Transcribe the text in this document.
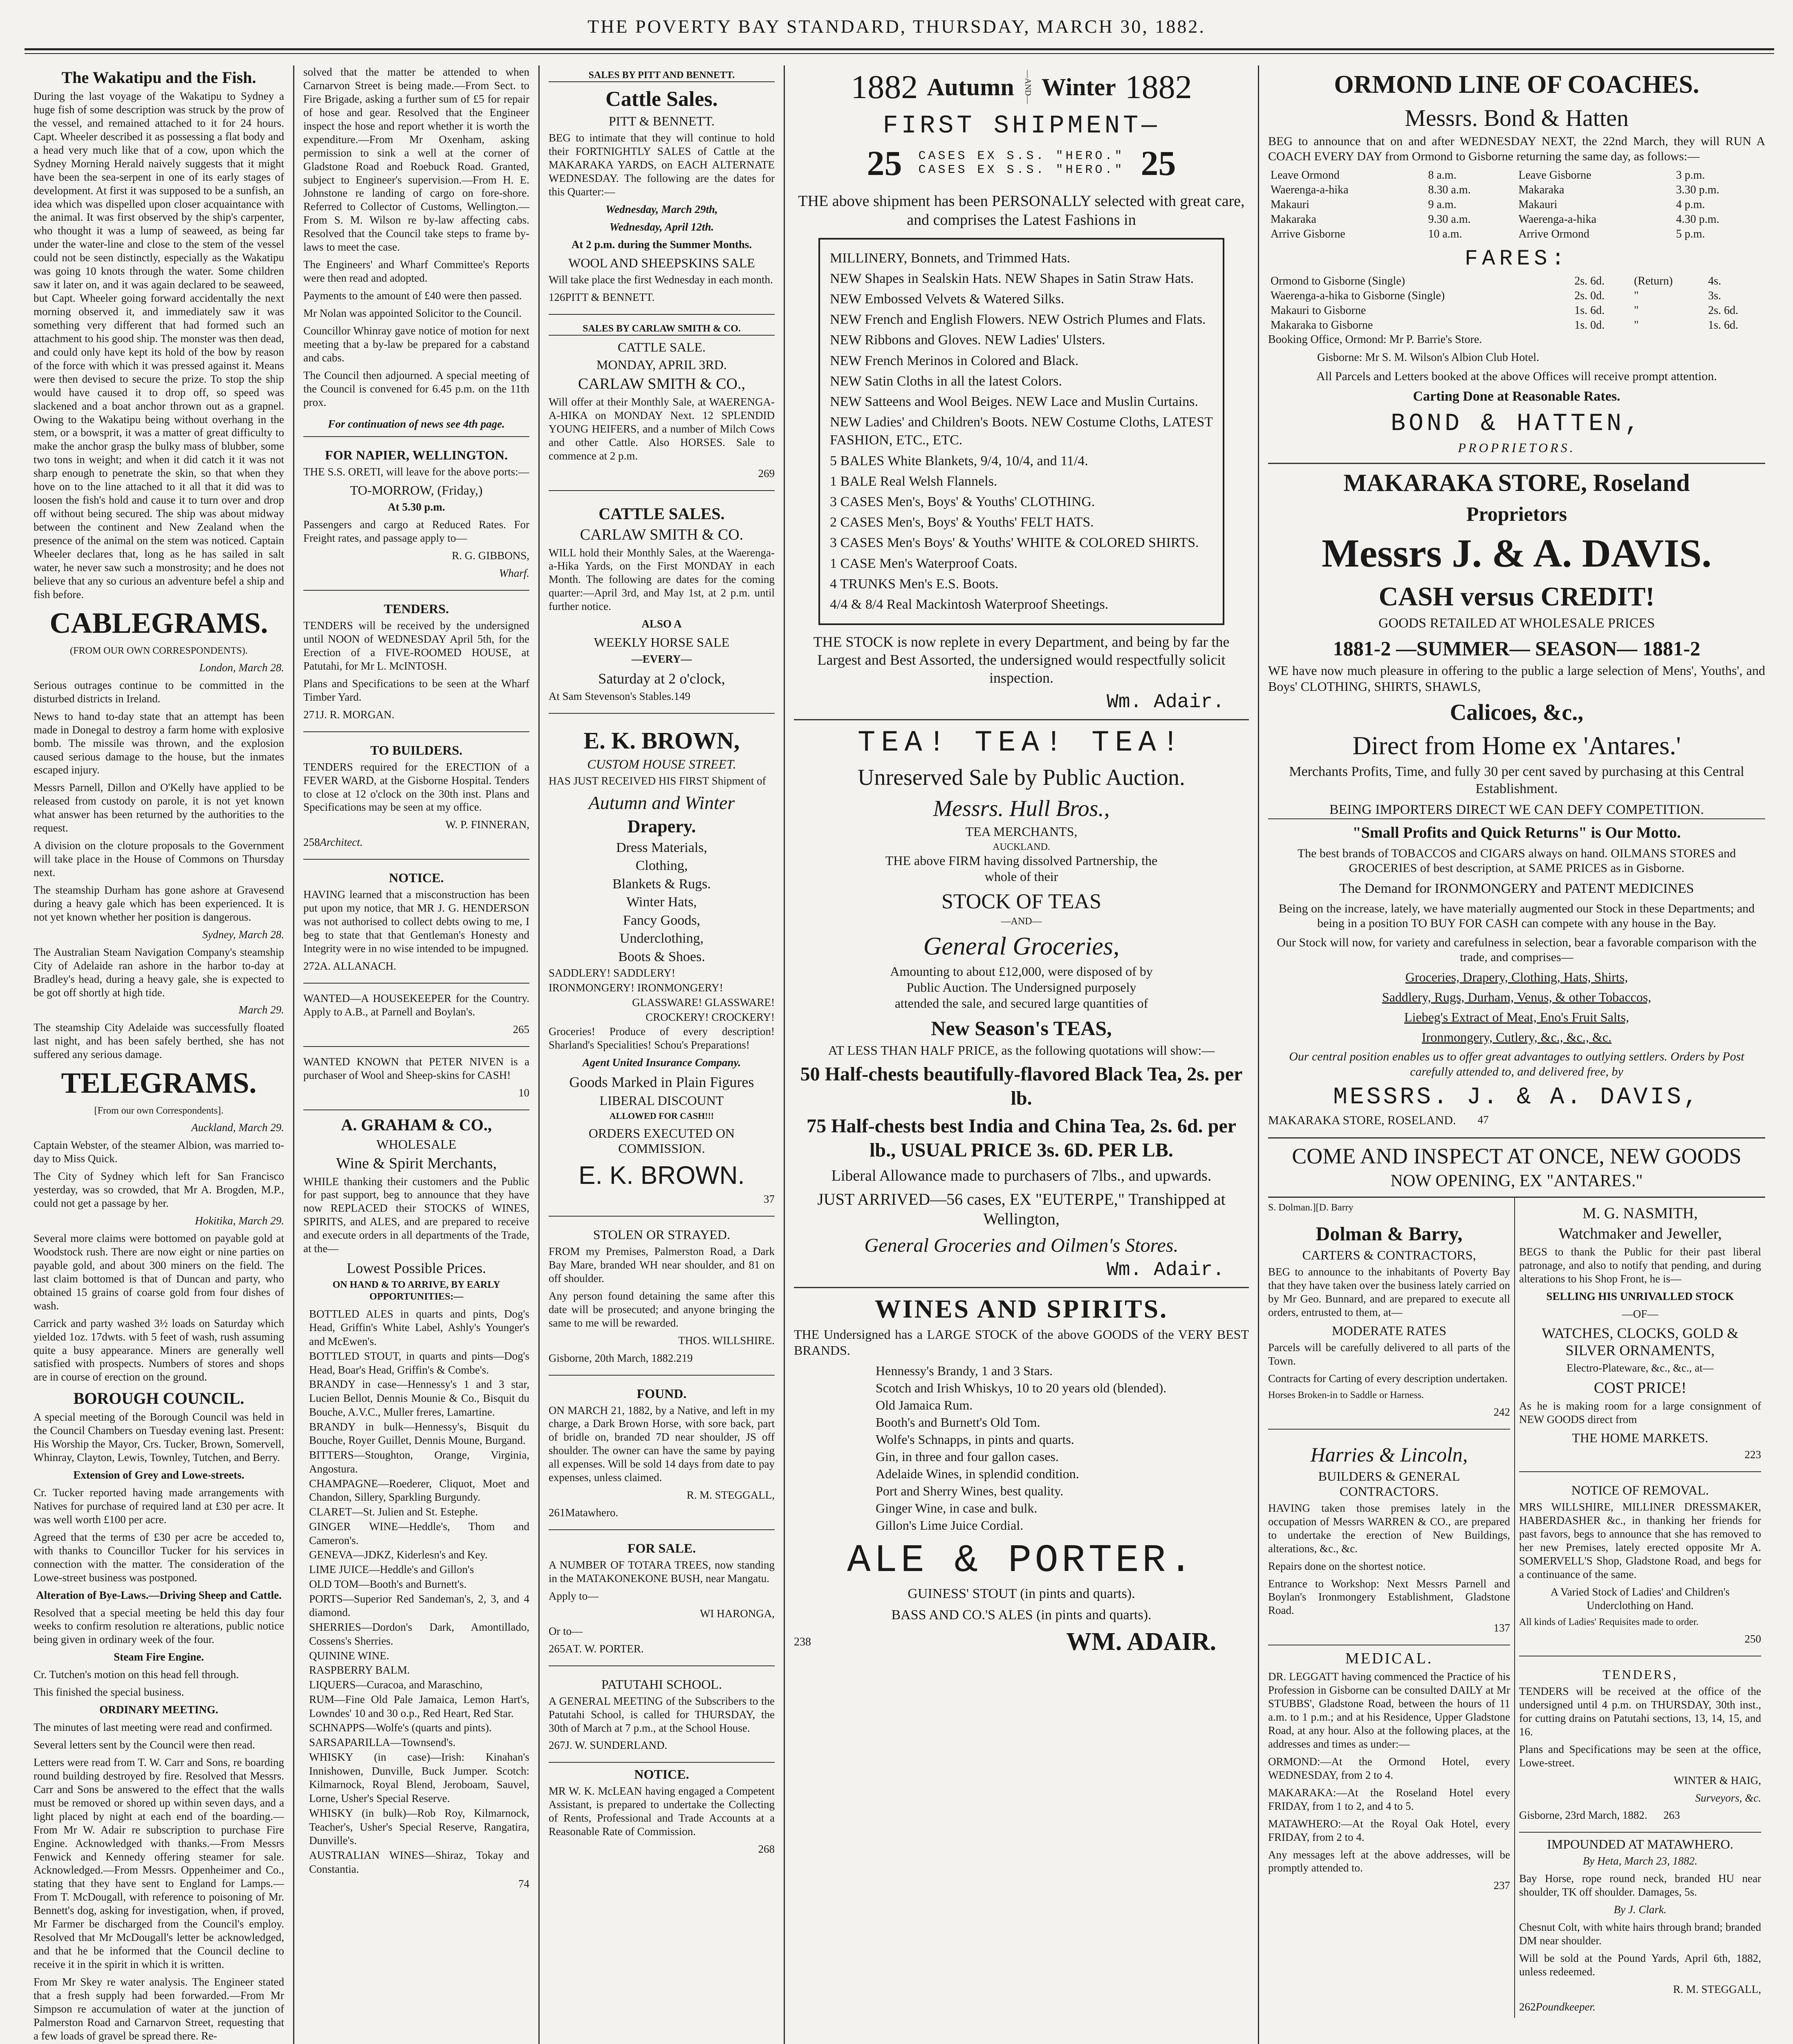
THE POVERTY BAY STANDARD, THURSDAY, MARCH 30, 1882.
The Wakatipu and the Fish.

During the last voyage of the Wakatipu to Sydney a huge fish of some description was struck by the prow of the vessel, and remained attached to it for 24 hours. Capt. Wheeler described it as possessing a flat body and a head very much like that of a cow, upon which the Sydney Morning Herald naively suggests that it might have been the sea-serpent in one of its early stages of development. At first it was supposed to be a sunfish, an idea which was dispelled upon closer acquaintance with the animal. It was first observed by the ship's carpenter, who thought it was a lump of seaweed, as being far under the water-line and close to the stem of the vessel could not be seen distinctly, especially as the Wakatipu was going 10 knots through the water. Some children saw it later on, and it was again declared to be seaweed, but Capt. Wheeler going forward accidentally the next morning observed it, and immediately saw it was something very different that had formed such an attachment to his good ship. The monster was then dead, and could only have kept its hold of the bow by reason of the force with which it was pressed against it. Means were then devised to secure the prize. To stop the ship would have caused it to drop off, so speed was slackened and a boat anchor thrown out as a grapnel. Owing to the Wakatipu being without overhang in the stem, or a bowsprit, it was a matter of great difficulty to make the anchor grasp the bulky mass of blubber, some two tons in weight; and when it did catch it it was not sharp enough to penetrate the skin, so that when they hove on to the line attached to it all that it did was to loosen the fish's hold and cause it to turn over and drop off without being secured. The ship was about midway between the continent and New Zealand when the presence of the animal on the stem was noticed. Captain Wheeler declares that, long as he has sailed in salt water, he never saw such a monstrosity; and he does not believe that any so curious an adventure befel a ship and fish before.

CABLEGRAMS.

(FROM OUR OWN CORRESPONDENTS).

London, March 28.

Serious outrages continue to be committed in the disturbed districts in Ireland.

News to hand to-day state that an attempt has been made in Donegal to destroy a farm home with explosive bomb. The missile was thrown, and the explosion caused serious damage to the house, but the inmates escaped injury.

Messrs Parnell, Dillon and O'Kelly have applied to be released from custody on parole, it is not yet known what answer has been returned by the authorities to the request.

A division on the cloture proposals to the Government will take place in the House of Commons on Thursday next.

The steamship Durham has gone ashore at Gravesend during a heavy gale which has been experienced. It is not yet known whether her position is dangerous.

Sydney, March 28.

The Australian Steam Navigation Company's steamship City of Adelaide ran ashore in the harbor to-day at Bradley's head, during a heavy gale, she is expected to be got off shortly at high tide.

March 29.

The steamship City Adelaide was successfully floated last night, and has been safely berthed, she has not suffered any serious damage.

TELEGRAMS.

[From our own Correspondents].

Auckland, March 29.

Captain Webster, of the steamer Albion, was married to-day to Miss Quick.

The City of Sydney which left for San Francisco yesterday, was so crowded, that Mr A. Brogden, M.P., could not get a passage by her.

Hokitika, March 29.

Several more claims were bottomed on payable gold at Woodstock rush. There are now eight or nine parties on payable gold, and about 300 miners on the field. The last claim bottomed is that of Duncan and party, who obtained 15 grains of coarse gold from four dishes of wash.

Carrick and party washed 3½ loads on Saturday which yielded 1oz. 17dwts. with 5 feet of wash, rush assuming quite a busy appearance. Miners are generally well satisfied with prospects. Numbers of stores and shops are in course of erection on the ground.

BOROUGH COUNCIL.

A special meeting of the Borough Council was held in the Council Chambers on Tuesday evening last. Present: His Worship the Mayor, Crs. Tucker, Brown, Somervell, Whinray, Clayton, Lewis, Townley, Tutchen, and Berry.

Extension of Grey and Lowe-streets.

Cr. Tucker reported having made arrangements with Natives for purchase of required land at £30 per acre. It was well worth £100 per acre.

Agreed that the terms of £30 per acre be acceded to, with thanks to Councillor Tucker for his services in connection with the matter. The consideration of the Lowe-street business was postponed.

Alteration of Bye-Laws.—Driving Sheep and Cattle.

Resolved that a special meeting be held this day four weeks to confirm resolution re alterations, public notice being given in ordinary week of the four.

Steam Fire Engine.

Cr. Tutchen's motion on this head fell through.

This finished the special business.

ORDINARY MEETING.

The minutes of last meeting were read and confirmed.

Several letters sent by the Council were then read.

Letters were read from T. W. Carr and Sons, re boarding round building destroyed by fire. Resolved that Messrs. Carr and Sons be answered to the effect that the walls must be removed or shored up within seven days, and a light placed by night at each end of the boarding.—From Mr W. Adair re subscription to purchase Fire Engine. Acknowledged with thanks.—From Messrs Fenwick and Kennedy offering steamer for sale. Acknowledged.—From Messrs. Oppenheimer and Co., stating that they have sent to England for Lamps.—From T. McDougall, with reference to poisoning of Mr. Bennett's dog, asking for investigation, when, if proved, Mr Farmer be discharged from the Council's employ. Resolved that Mr McDougall's letter be acknowledged, and that he be informed that the Council decline to receive it in the spirit in which it is written.

From Mr Skey re water analysis. The Engineer stated that a fresh supply had been forwarded.—From Mr Simpson re accumulation of water at the junction of Palmerston Road and Carnarvon Street, requesting that a few loads of gravel be spread there. Re-

solved that the matter be attended to when Carnarvon Street is being made.—From Sect. to Fire Brigade, asking a further sum of £5 for repair of hose and gear. Resolved that the Engineer inspect the hose and report whether it is worth the expenditure.—From Mr Oxenham, asking permission to sink a well at the corner of Gladstone Road and Roebuck Road. Granted, subject to Engineer's supervision.—From H. E. Johnstone re landing of cargo on fore-shore. Referred to Collector of Customs, Wellington.—From S. M. Wilson re by-law affecting cabs. Resolved that the Council take steps to frame by-laws to meet the case.

The Engineers' and Wharf Committee's Reports were then read and adopted.

Payments to the amount of £40 were then passed.

Mr Nolan was appointed Solicitor to the Council.

Councillor Whinray gave notice of motion for next meeting that a by-law be prepared for a cabstand and cabs.

The Council then adjourned. A special meeting of the Council is convened for 6.45 p.m. on the 11th prox.

For continuation of news see 4th page.

FOR NAPIER, WELLINGTON.

THE S.S. ORETI, will leave for the above ports:—

TO-MORROW, (Friday,)

At 5.30 p.m.

Passengers and cargo at Reduced Rates. For Freight rates, and passage apply to—

R. G. GIBBONS,

Wharf.

TENDERS.

TENDERS will be received by the undersigned until NOON of WEDNESDAY April 5th, for the Erection of a FIVE-ROOMED HOUSE, at Patutahi, for Mr L. McINTOSH.

Plans and Specifications to be seen at the Wharf Timber Yard.

271 J. R. MORGAN.

TO BUILDERS.

TENDERS required for the ERECTION of a FEVER WARD, at the Gisborne Hospital. Tenders to close at 12 o'clock on the 30th inst. Plans and Specifications may be seen at my office.

W. P. FINNERAN,

258 Architect.

NOTICE.

HAVING learned that a misconstruction has been put upon my notice, that MR J. G. HENDERSON was not authorised to collect debts owing to me, I beg to state that that Gentleman's Honesty and Integrity were in no wise intended to be impugned.

272 A. ALLANACH.

WANTED—A HOUSEKEEPER for the Country. Apply to A.B., at Parnell and Boylan's.

265

WANTED KNOWN that PETER NIVEN is a purchaser of Wool and Sheep-skins for CASH!

10

A. GRAHAM & CO.,
WHOLESALE
Wine & Spirit Merchants,

WHILE thanking their customers and the Public for past support, beg to announce that they have now REPLACED their STOCKS of WINES, SPIRITS, and ALES, and are prepared to receive and execute orders in all departments of the Trade, at the—

Lowest Possible Prices.

ON HAND & TO ARRIVE, BY EARLY OPPORTUNITIES:—

BOTTLED ALES in quarts and pints, Dog's Head, Griffin's White Label, Ashly's Younger's and McEwen's.

BOTTLED STOUT, in quarts and pints—Dog's Head, Boar's Head, Griffin's & Combe's.

BRANDY in case—Hennessy's 1 and 3 star, Lucien Bellot, Dennis Mounie & Co., Bisquit du Bouche, A.V.C., Muller freres, Lamartine.

BRANDY in bulk—Hennessy's, Bisquit du Bouche, Royer Guillet, Dennis Moune, Burgand.

BITTERS—Stoughton, Orange, Virginia, Angostura.

CHAMPAGNE—Roederer, Cliquot, Moet and Chandon, Sillery, Sparkling Burgundy.

CLARET—St. Julien and St. Estephe.

GINGER WINE—Heddle's, Thom and Cameron's.

GENEVA—JDKZ, Kiderlesn's and Key.

LIME JUICE—Heddle's and Gillon's

OLD TOM—Booth's and Burnett's.

PORTS—Superior Red Sandeman's, 2, 3, and 4 diamond.

SHERRIES—Dordon's Dark, Amontillado, Cossens's Sherries.

QUININE WINE.

RASPBERRY BALM.

LIQUERS—Curacoa, and Maraschino,

RUM—Fine Old Pale Jamaica, Lemon Hart's, Lowndes' 10 and 30 o.p., Red Heart, Red Star.

SCHNAPPS—Wolfe's (quarts and pints).

SARSAPARILLA—Townsend's.

WHISKY (in case)—Irish: Kinahan's Innishowen, Dunville, Buck Jumper. Scotch: Kilmarnock, Royal Blend, Jeroboam, Sauvel, Lorne, Usher's Special Reserve.

WHISKY (in bulk)—Rob Roy, Kilmarnock, Teacher's, Usher's Special Reserve, Rangatira, Dunville's.

AUSTRALIAN WINES—Shiraz, Tokay and Constantia.

74

SALES BY PITT AND BENNETT.

Cattle Sales.
PITT & BENNETT.

BEG to intimate that they will continue to hold their FORTNIGHTLY SALES of Cattle at the MAKARAKA YARDS, on EACH ALTERNATE WEDNESDAY. The following are the dates for this Quarter:—

Wednesday, March 29th,

Wednesday, April 12th.

At 2 p.m. during the Summer Months.

WOOL AND SHEEPSKINS SALE

Will take place the first Wednesday in each month.

126 PITT & BENNETT.

SALES BY CARLAW SMITH & CO.

CATTLE SALE.
MONDAY, APRIL 3RD.
CARLAW SMITH & CO.,

Will offer at their Monthly Sale, at WAERENGA-A-HIKA on MONDAY Next. 12 SPLENDID YOUNG HEIFERS, and a number of Milch Cows and other Cattle. Also HORSES. Sale to commence at 2 p.m.

269

CATTLE SALES.
CARLAW SMITH & CO.

WILL hold their Monthly Sales, at the Waerenga-a-Hika Yards, on the First MONDAY in each Month. The following are dates for the coming quarter:—April 3rd, and May 1st, at 2 p.m. until further notice.

ALSO A

WEEKLY HORSE SALE

—EVERY—

Saturday at 2 o'clock,

At Sam Stevenson's Stables. 149

E. K. BROWN,
CUSTOM HOUSE STREET.

HAS JUST RECEIVED HIS FIRST Shipment of

Autumn and Winter
Drapery.

Dress Materials,

Clothing,

Blankets & Rugs.

Winter Hats,

Fancy Goods,

Underclothing,

Boots & Shoes.

SADDLERY! SADDLERY!

IRONMONGERY! IRONMONGERY!

GLASSWARE! GLASSWARE!

CROCKERY! CROCKERY!

Groceries! Produce of every description! Sharland's Specialities! Schou's Preparations!

Agent United Insurance Company.

Goods Marked in Plain Figures
LIBERAL DISCOUNT

ALLOWED FOR CASH!!!

ORDERS EXECUTED ON COMMISSION.
E. K. BROWN.

37

STOLEN OR STRAYED.

FROM my Premises, Palmerston Road, a Dark Bay Mare, branded WH near shoulder, and 81 on off shoulder.

Any person found detaining the same after this date will be prosecuted; and anyone bringing the same to me will be rewarded.

THOS. WILLSHIRE.

Gisborne, 20th March, 1882. 219

FOUND.

ON MARCH 21, 1882, by a Native, and left in my charge, a Dark Brown Horse, with sore back, part of bridle on, branded 7D near shoulder, JS off shoulder. The owner can have the same by paying all expenses. Will be sold 14 days from date to pay expenses, unless claimed.

R. M. STEGGALL,

261 Matawhero.

FOR SALE.

A NUMBER OF TOTARA TREES, now standing in the MATAKONEKONE BUSH, near Mangatu.

Apply to—

WI HARONGA,

Or to—

265A T. W. PORTER.

PATUTAHI SCHOOL.

A GENERAL MEETING of the Subscribers to the Patutahi School, is called for THURSDAY, the 30th of March at 7 p.m., at the School House.

267 J. W. SUNDERLAND.

NOTICE.

MR W. K. McLEAN having engaged a Competent Assistant, is prepared to undertake the Collecting of Rents, Professional and Trade Accounts at a Reasonable Rate of Commission.

268

1882 Autumn —AND— Winter 1882
FIRST SHIPMENT—
25 CASES EX S.S. "HERO."
CASES EX S.S. "HERO." 25

THE above shipment has been PERSONALLY selected with great care, and comprises the Latest Fashions in

MILLINERY, Bonnets, and Trimmed Hats.

NEW Shapes in Sealskin Hats. NEW Shapes in Satin Straw Hats.

NEW Embossed Velvets & Watered Silks.

NEW French and English Flowers. NEW Ostrich Plumes and Flats.

NEW Ribbons and Gloves. NEW Ladies' Ulsters.

NEW French Merinos in Colored and Black.

NEW Satin Cloths in all the latest Colors.

NEW Satteens and Wool Beiges. NEW Lace and Muslin Curtains.

NEW Ladies' and Children's Boots. NEW Costume Cloths, LATEST FASHION, ETC., ETC.

5 BALES White Blankets, 9/4, 10/4, and 11/4.

1 BALE Real Welsh Flannels.

3 CASES Men's, Boys' & Youths' CLOTHING.

2 CASES Men's, Boys' & Youths' FELT HATS.

3 CASES Men's Boys' & Youths' WHITE & COLORED SHIRTS.

1 CASE Men's Waterproof Coats.

4 TRUNKS Men's E.S. Boots.

4/4 & 8/4 Real Mackintosh Waterproof Sheetings.

THE STOCK is now replete in every Department, and being by far the Largest and Best Assorted, the undersigned would respectfully solicit inspection.

Wm. Adair.
TEA! TEA! TEA!
Unreserved Sale by Public Auction.
Messrs. Hull Bros.,
TEA MERCHANTS,
AUCKLAND.

THE above FIRM having dissolved Partnership, the whole of their

STOCK OF TEAS
—AND—
General Groceries,

Amounting to about £12,000, were disposed of by Public Auction. The Undersigned purposely attended the sale, and secured large quantities of

New Season's TEAS,

AT LESS THAN HALF PRICE, as the following quotations will show:—

50 Half-chests beautifully-flavored Black Tea, 2s. per lb.

75 Half-chests best India and China Tea, 2s. 6d. per lb., USUAL PRICE 3s. 6D. PER LB.

Liberal Allowance made to purchasers of 7lbs., and upwards.

JUST ARRIVED—56 cases, EX "EUTERPE," Transhipped at Wellington,

General Groceries and Oilmen's Stores.
Wm. Adair.
WINES AND SPIRITS.

THE Undersigned has a LARGE STOCK of the above GOODS of the VERY BEST BRANDS.

Hennessy's Brandy, 1 and 3 Stars.

Scotch and Irish Whiskys, 10 to 20 years old (blended).

Old Jamaica Rum.

Booth's and Burnett's Old Tom.

Wolfe's Schnapps, in pints and quarts.

Gin, in three and four gallon cases.

Adelaide Wines, in splendid condition.

Port and Sherry Wines, best quality.

Ginger Wine, in case and bulk.

Gillon's Lime Juice Cordial.

ALE & PORTER.

GUINESS' STOUT (in pints and quarts).

BASS AND CO.'S ALES (in pints and quarts).

238	WM. ADAIR.
ORMOND LINE OF COACHES.
Messrs. Bond & Hatten

BEG to announce that on and after WEDNESDAY NEXT, the 22nd March, they will RUN A COACH EVERY DAY from Ormond to Gisborne returning the same day, as follows:—

Leave Ormond	8 a.m.	Leave Gisborne	3 p.m.
Waerenga-a-hika	8.30 a.m.	Makaraka	3.30 p.m.
Makauri	9 a.m.	Makauri	4 p.m.
Makaraka	9.30 a.m.	Waerenga-a-hika	4.30 p.m.
Arrive Gisborne	10 a.m.	Arrive Ormond	5 p.m.
FARES:
Ormond to Gisborne (Single)	2s. 6d.	(Return)	4s.
Waerenga-a-hika to Gisborne (Single)	2s. 0d.	"	3s.
Makauri to Gisborne	1s. 6d.	"	2s. 6d.
Makaraka to Gisborne	1s. 0d.	"	1s. 6d.

Booking Office, Ormond: Mr P. Barrie's Store.

Gisborne: Mr S. M. Wilson's Albion Club Hotel.

All Parcels and Letters booked at the above Offices will receive prompt attention.

Carting Done at Reasonable Rates.

BOND & HATTEN,
PROPRIETORS.
MAKARAKA STORE, Roseland
Proprietors
Messrs J. & A. DAVIS.
CASH versus CREDIT!

GOODS RETAILED AT WHOLESALE PRICES

1881-2 —SUMMER— SEASON— 1881-2

WE have now much pleasure in offering to the public a large selection of Mens', Youths', and Boys' CLOTHING, SHIRTS, SHAWLS,

Calicoes, &c.,
Direct from Home ex 'Antares.'

Merchants Profits, Time, and fully 30 per cent saved by purchasing at this Central Establishment.

BEING IMPORTERS DIRECT WE CAN DEFY COMPETITION.

"Small Profits and Quick Returns" is Our Motto.

The best brands of TOBACCOS and CIGARS always on hand. OILMANS STORES and GROCERIES of best description, at SAME PRICES as in Gisborne.

The Demand for IRONMONGERY and PATENT MEDICINES

Being on the increase, lately, we have materially augmented our Stock in these Departments; and being in a position TO BUY FOR CASH can compete with any house in the Bay.

Our Stock will now, for variety and carefulness in selection, bear a favorable comparison with the trade, and comprises—

Groceries, Drapery, Clothing, Hats, Shirts,

Saddlery, Rugs, Durham, Venus, & other Tobaccos,

Liebeg's Extract of Meat, Eno's Fruit Salts,

Ironmongery, Cutlery, &c., &c., &c.

Our central position enables us to offer great advantages to outlying settlers. Orders by Post carefully attended to, and delivered free, by

MESSRS. J. & A. DAVIS,

MAKARAKA STORE, ROSELAND.	47

COME AND INSPECT AT ONCE, NEW GOODS
NOW OPENING, EX "ANTARES."

S. Dolman.] [D. Barry

Dolman & Barry,
CARTERS & CONTRACTORS,

BEG to announce to the inhabitants of Poverty Bay that they have taken over the business lately carried on by Mr Geo. Bunnard, and are prepared to execute all orders, entrusted to them, at—

MODERATE RATES

Parcels will be carefully delivered to all parts of the Town.

Contracts for Carting of every description undertaken.

Horses Broken-in to Saddle or Harness.

242

Harries & Lincoln,
BUILDERS & GENERAL CONTRACTORS.

HAVING taken those premises lately in the occupation of Messrs WARREN & CO., are prepared to undertake the erection of New Buildings, alterations, &c., &c.

Repairs done on the shortest notice.

Entrance to Workshop: Next Messrs Parnell and Boylan's Ironmongery Establishment, Gladstone Road.

137

MEDICAL.

DR. LEGGATT having commenced the Practice of his Profession in Gisborne can be consulted DAILY at Mr STUBBS', Gladstone Road, between the hours of 11 a.m. to 1 p.m.; and at his Residence, Upper Gladstone Road, at any hour. Also at the following places, at the addresses and times as under:—

ORMOND:—At the Ormond Hotel, every WEDNESDAY, from 2 to 4.

MAKARAKA:—At the Roseland Hotel every FRIDAY, from 1 to 2, and 4 to 5.

MATAWHERO:—At the Royal Oak Hotel, every FRIDAY, from 2 to 4.

Any messages left at the above addresses, will be promptly attended to.

237

M. G. NASMITH,
Watchmaker and Jeweller,

BEGS to thank the Public for their past liberal patronage, and also to notify that pending, and during alterations to his Shop Front, he is—

SELLING HIS UNRIVALLED STOCK

—OF—

WATCHES, CLOCKS, GOLD & SILVER ORNAMENTS,

Electro-Plateware, &c., &c., at—

COST PRICE!

As he is making room for a large consignment of NEW GOODS direct from

THE HOME MARKETS.

223

NOTICE OF REMOVAL.

MRS WILLSHIRE, MILLINER DRESSMAKER, HABERDASHER &c., in thanking her friends for past favors, begs to announce that she has removed to her new Premises, lately erected opposite Mr A. SOMERVELL'S Shop, Gladstone Road, and begs for a continuance of the same.

A Varied Stock of Ladies' and Children's Underclothing on Hand.

All kinds of Ladies' Requisites made to order.

250

TENDERS,

TENDERS will be received at the office of the undersigned until 4 p.m. on THURSDAY, 30th inst., for cutting drains on Patutahi sections, 13, 14, 15, and 16.

Plans and Specifications may be seen at the office, Lowe-street.

WINTER & HAIG,

Surveyors, &c.

Gisborne, 23rd March, 1882.	263

IMPOUNDED AT MATAWHERO.

By Heta, March 23, 1882.

Bay Horse, rope round neck, branded HU near shoulder, TK off shoulder. Damages, 5s.

By J. Clark.

Chesnut Colt, with white hairs through brand; branded DM near shoulder.

Will be sold at the Pound Yards, April 6th, 1882, unless redeemed.

R. M. STEGGALL,

262 Poundkeeper.
